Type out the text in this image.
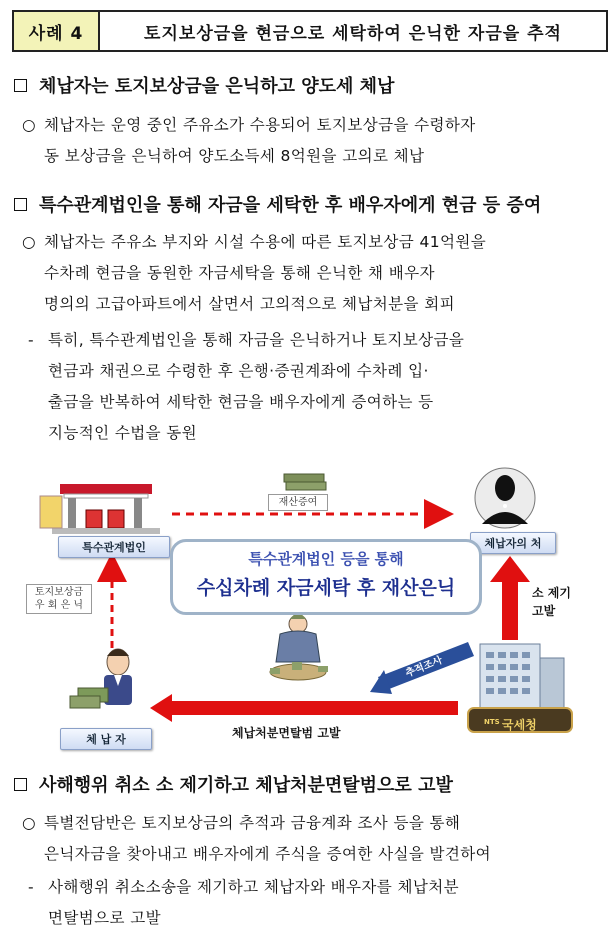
사례 4	토지보상금을 현금으로 세탁하여 은닉한 자금을 추적
체납자는 토지보상금을 은닉하고 양도세 체납
○ 체납자는 운영 중인 주유소가 수용되어 토지보상금을 수령하자
동 보상금을 은닉하여 양도소득세 8억원을 고의로 체납
특수관계법인을 통해 자금을 세탁한 후 배우자에게 현금 등 증여
○ 체납자는 주유소 부지와 시설 수용에 따른 토지보상금 41억원을
수차례 현금을 동원한 자금세탁을 통해 은닉한 채 배우자
명의의 고급아파트에서 살면서 고의적으로 체납처분을 회피
- 특히, 특수관계법인을 통해 자금을 은닉하거나 토지보상금을
현금과 채권으로 수령한 후 은행·증권계좌에 수차례 입·
출금을 반복하여 세탁한 현금을 배우자에게 증여하는 등
지능적인 수법을 동원
특수관계법인	체납자의 처
체 납 자
특수관계법인 등을 통해
수십차례 자금세탁 후 재산은닉
재산증여
토지보상금
우 회 은 닉
소 제기
고발
추적조사
체납처분면탈범 고발
국세청
NTS
사해행위 취소 소 제기하고 체납처분면탈범으로 고발
○ 특별전담반은 토지보상금의 추적과 금융계좌 조사 등을 통해
은닉자금을 찾아내고 배우자에게 주식을 증여한 사실을 발견하여
- 사해행위 취소소송을 제기하고 체납자와 배우자를 체납처분
면탈범으로 고발
